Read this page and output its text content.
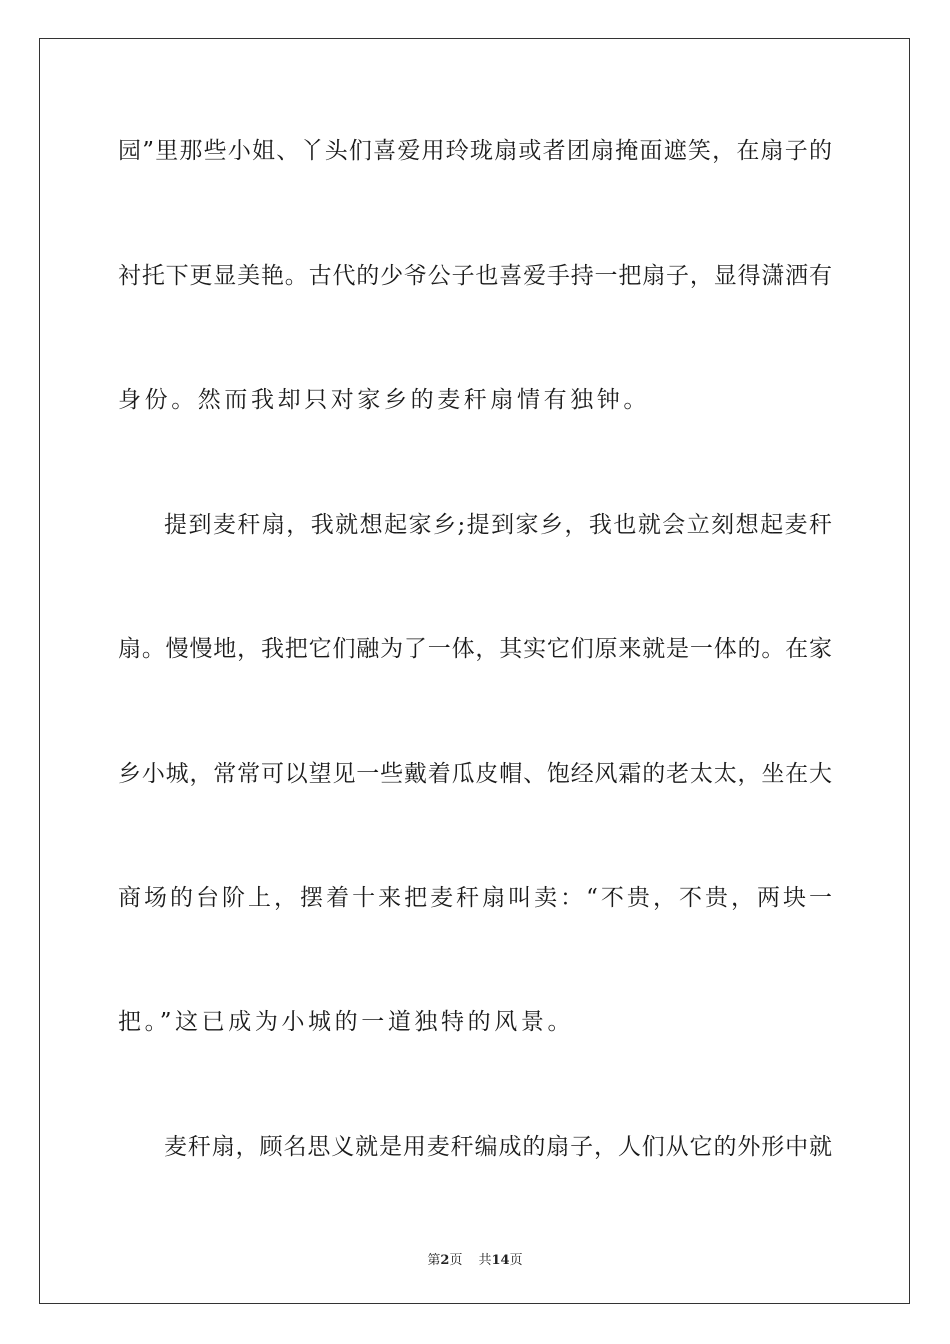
园”里那些小姐、丫头们喜爱用玲珑扇或者团扇掩面遮笑，在扇子的
衬托下更显美艳。古代的少爷公子也喜爱手持一把扇子，显得潇洒有
身份。然而我却只对家乡的麦秆扇情有独钟。
提到麦秆扇，我就想起家乡;提到家乡，我也就会立刻想起麦秆
扇。慢慢地，我把它们融为了一体，其实它们原来就是一体的。在家
乡小城，常常可以望见一些戴着瓜皮帽、饱经风霜的老太太，坐在大
商场的台阶上，摆着十来把麦秆扇叫卖：“不贵，不贵，两块一
把。”这已成为小城的一道独特的风景。
麦秆扇，顾名思义就是用麦秆编成的扇子，人们从它的外形中就
第2页 共14页
